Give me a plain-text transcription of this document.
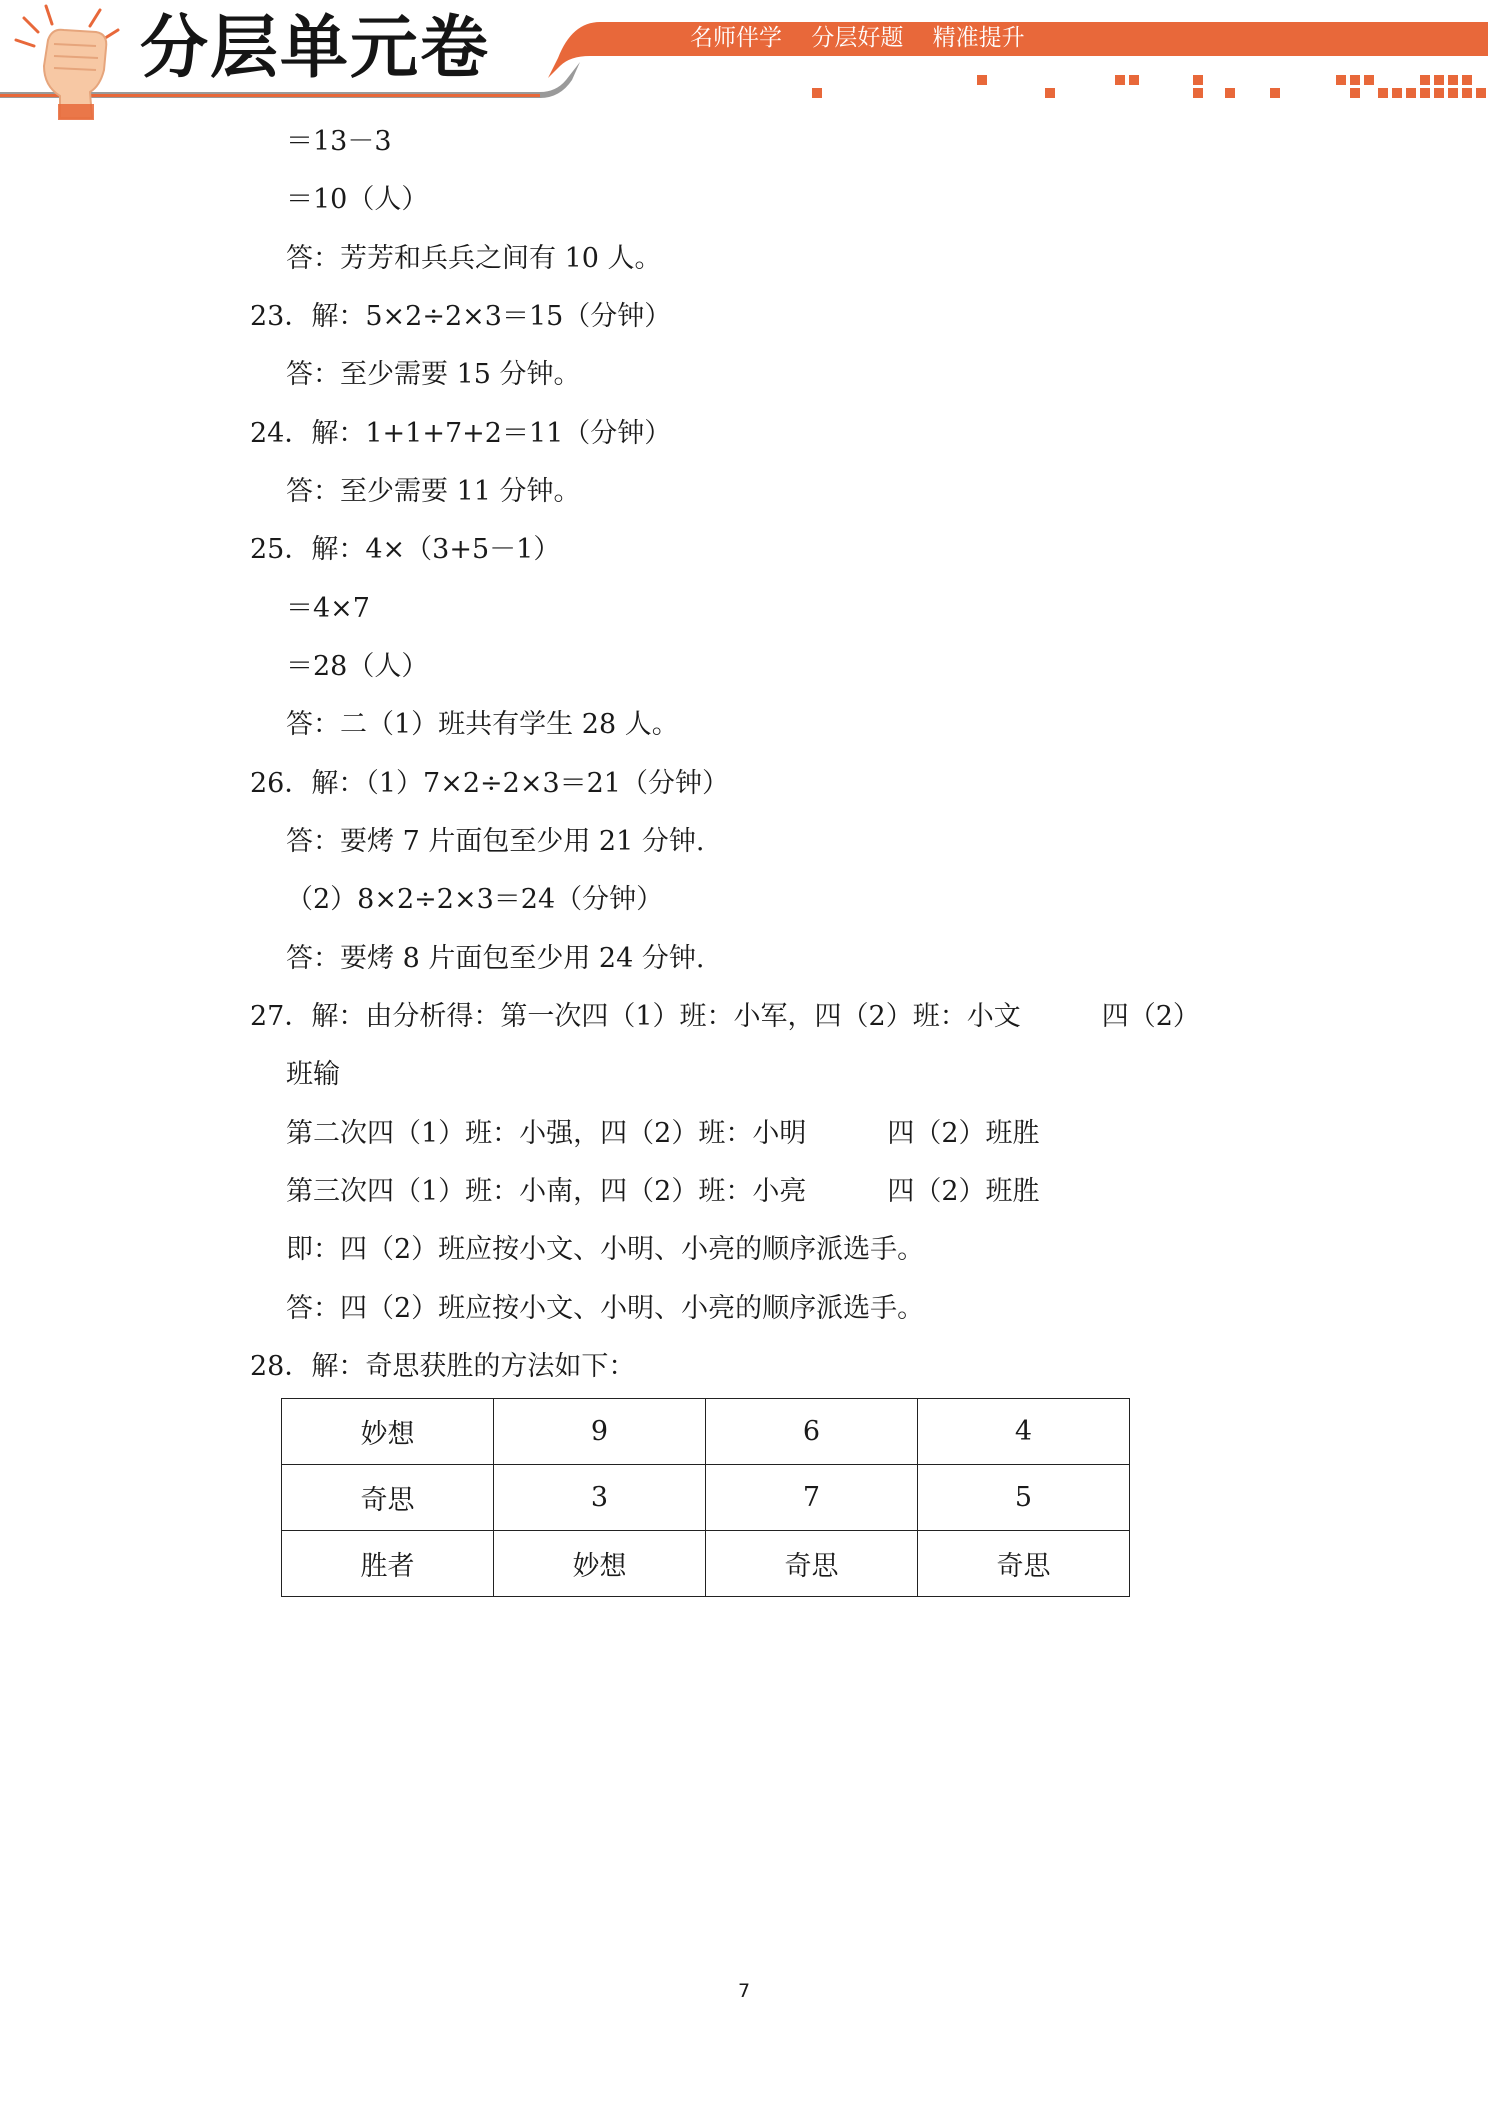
分层单元卷	名师伴学 分层好题 精准提升
＝13－3
＝10（人）
答：芳芳和兵兵之间有 10 人。
23．解：5×2÷2×3＝15（分钟）
答：至少需要 15 分钟。
24．解：1+1+7+2＝11（分钟）
答：至少需要 11 分钟。
25．解：4×（3+5－1）
＝4×7
＝28（人）
答：二（1）班共有学生 28 人。
26．解：（1）7×2÷2×3＝21（分钟）
答：要烤 7 片面包至少用 21 分钟.
（2）8×2÷2×3＝24（分钟）
答：要烤 8 片面包至少用 24 分钟.
27．解：由分析得：第一次四（1）班：小军，四（2）班：小文　　　四（2）
班输
第二次四（1）班：小强，四（2）班：小明　　　四（2）班胜
第三次四（1）班：小南，四（2）班：小亮　　　四（2）班胜
即：四（2）班应按小文、小明、小亮的顺序派选手。
答：四（2）班应按小文、小明、小亮的顺序派选手。
28．解：奇思获胜的方法如下：
妙想	9	6	4
奇思	3	7	5
胜者	妙想	奇思	奇思
7
